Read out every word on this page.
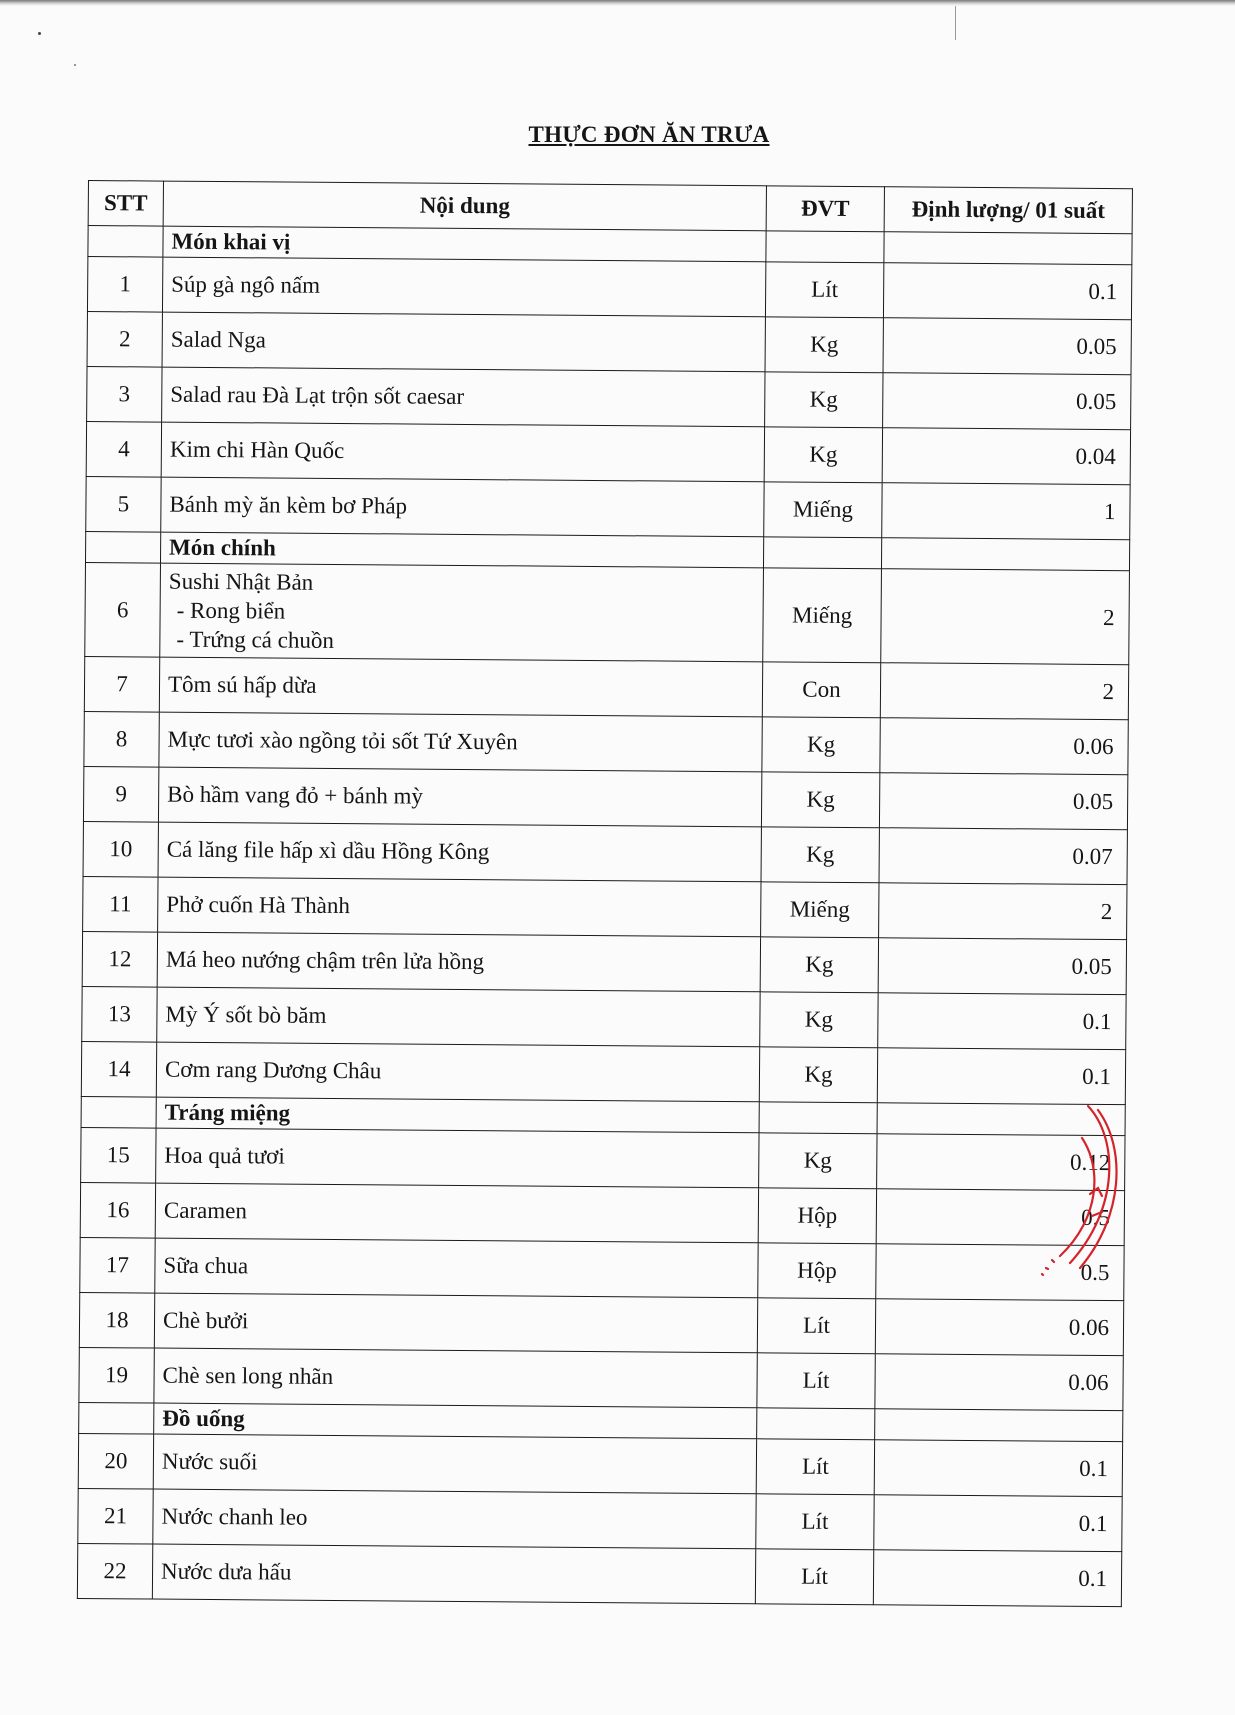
THỰC ĐƠN ĂN TRƯA
STT	Nội dung	ĐVT	Định lượng/ 01 suất
	Món khai vị		
1	Súp gà ngô nấm	Lít	0.1
2	Salad Nga	Kg	0.05
3	Salad rau Đà Lạt trộn sốt caesar	Kg	0.05
4	Kim chi Hàn Quốc	Kg	0.04
5	Bánh mỳ ăn kèm bơ Pháp	Miếng	1
	Món chính		
6	Sushi Nhật Bản
- Rong biển
- Trứng cá chuồn	Miếng	2
7	Tôm sú hấp dừa	Con	2
8	Mực tươi xào ngồng tỏi sốt Tứ Xuyên	Kg	0.06
9	Bò hầm vang đỏ + bánh mỳ	Kg	0.05
10	Cá lăng file hấp xì dầu Hồng Kông	Kg	0.07
11	Phở cuốn Hà Thành	Miếng	2
12	Má heo nướng chậm trên lửa hồng	Kg	0.05
13	Mỳ Ý sốt bò băm	Kg	0.1
14	Cơm rang Dương Châu	Kg	0.1
	Tráng miệng		
15	Hoa quả tươi	Kg	0.12
16	Caramen	Hộp	0.5
17	Sữa chua	Hộp	0.5
18	Chè bưởi	Lít	0.06
19	Chè sen long nhãn	Lít	0.06
	Đồ uống		
20	Nước suối	Lít	0.1
21	Nước chanh leo	Lít	0.1
22	Nước dưa hấu	Lít	0.1
